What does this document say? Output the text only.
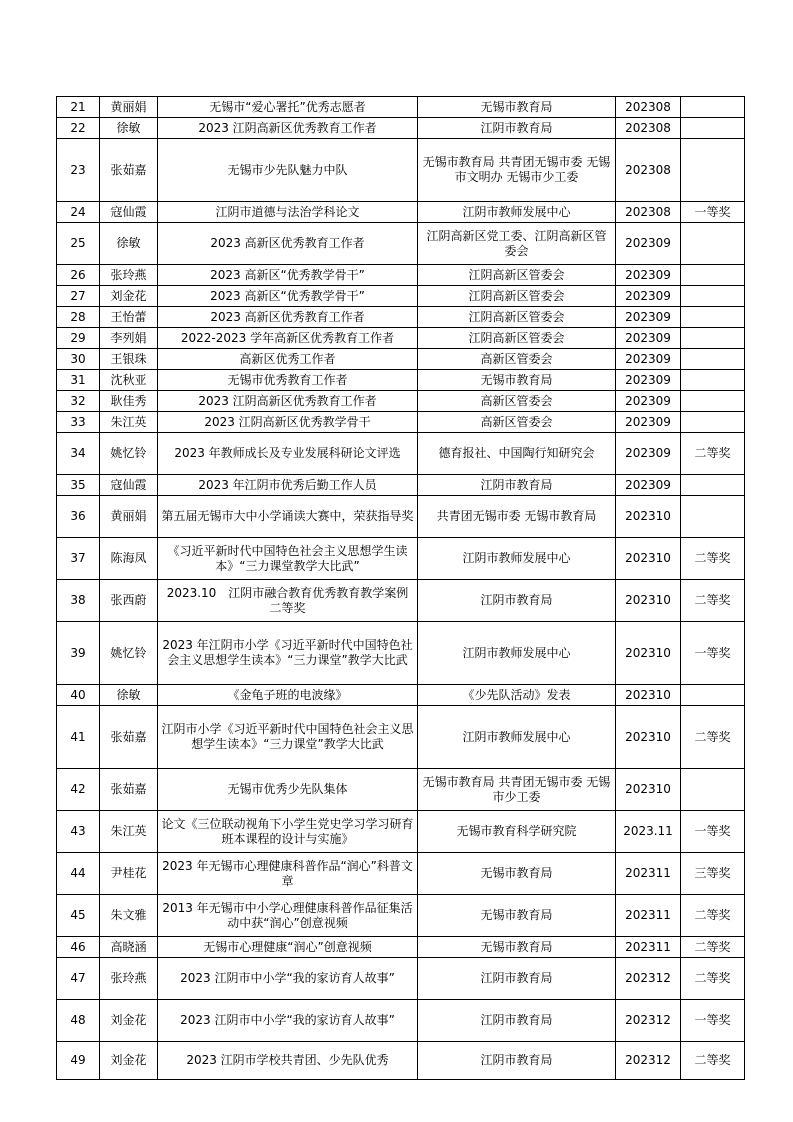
21	黄丽娟	无锡市“爱心署托”优秀志愿者	无锡市教育局	202308	
22	徐敏	2023 江阴高新区优秀教育工作者	江阴市教育局	202308	
23	张茹嘉	无锡市少先队魅力中队	无锡市教育局 共青团无锡市委 无锡市文明办 无锡市少工委	202308	
24	寇仙霞	江阴市道德与法治学科论文	江阴市教师发展中心	202308	一等奖
25	徐敏	2023 高新区优秀教育工作者	江阴高新区党工委、江阴高新区管委会	202309	
26	张玲燕	2023 高新区“优秀教学骨干”	江阴高新区管委会	202309	
27	刘金花	2023 高新区“优秀教学骨干”	江阴高新区管委会	202309	
28	王怡蕾	2023 高新区优秀教育工作者	江阴高新区管委会	202309	
29	李列娟	2022-2023 学年高新区优秀教育工作者	江阴高新区管委会	202309	
30	王银珠	高新区优秀工作者	高新区管委会	202309	
31	沈秋亚	无锡市优秀教育工作者	无锡市教育局	202309	
32	耿佳秀	2023 江阴高新区优秀教育工作者	高新区管委会	202309	
33	朱江英	2023 江阴高新区优秀教学骨干	高新区管委会	202309	
34	姚忆铃	2023 年教师成长及专业发展科研论文评选	德育报社、中国陶行知研究会	202309	二等奖
35	寇仙霞	2023 年江阴市优秀后勤工作人员	江阴市教育局	202309	
36	黄丽娟	第五届无锡市大中小学诵读大赛中，荣获指导奖	共青团无锡市委 无锡市教育局	202310	
37	陈海凤	《习近平新时代中国特色社会主义思想学生读本》“三力课堂教学大比武”	江阴市教师发展中心	202310	二等奖
38	张西蔚	2023.10　江阴市融合教育优秀教育教学案例 二等奖	江阴市教育局	202310	二等奖
39	姚忆铃	2023 年江阴市小学《习近平新时代中国特色社会主义思想学生读本》“三力课堂”教学大比武	江阴市教师发展中心	202310	一等奖
40	徐敏	《金龟子班的电波缘》	《少先队活动》发表	202310	
41	张茹嘉	江阴市小学《习近平新时代中国特色社会主义思想学生读本》“三力课堂”教学大比武	江阴市教师发展中心	202310	二等奖
42	张茹嘉	无锡市优秀少先队集体	无锡市教育局 共青团无锡市委 无锡市少工委	202310	
43	朱江英	论文《三位联动视角下小学生党史学习学习研育班本课程的设计与实施》	无锡市教育科学研究院	2023.11	一等奖
44	尹桂花	2023 年无锡市心理健康科普作品“润心”科普文章	无锡市教育局	202311	三等奖
45	朱文雅	2013 年无锡市中小学心理健康科普作品征集活动中获“润心”创意视频	无锡市教育局	202311	二等奖
46	高晓涵	无锡市心理健康“润心”创意视频	无锡市教育局	202311	二等奖
47	张玲燕	2023 江阴市中小学“我的家访育人故事”	江阴市教育局	202312	二等奖
48	刘金花	2023 江阴市中小学“我的家访育人故事”	江阴市教育局	202312	一等奖
49	刘金花	2023 江阴市学校共青团、少先队优秀	江阴市教育局	202312	二等奖
